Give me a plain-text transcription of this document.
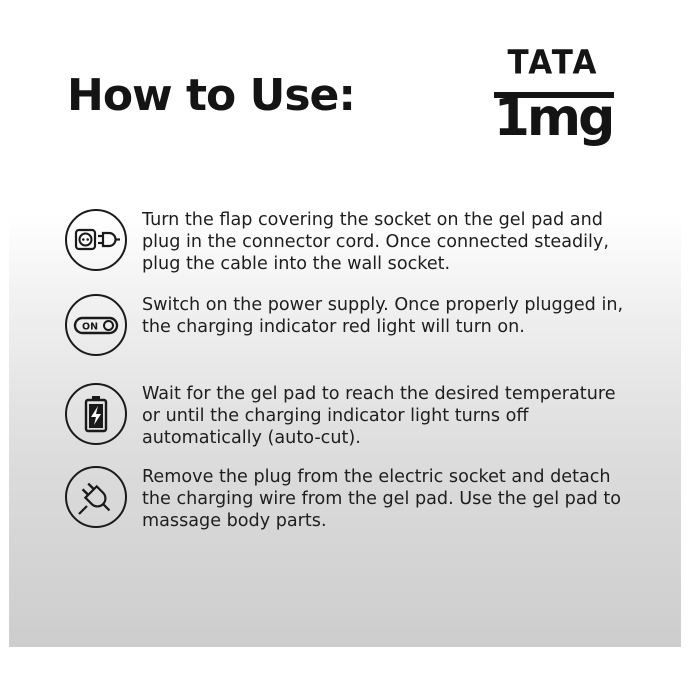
How to Use:
TATA
1mg

Turn the flap covering the socket on the gel pad and plug in the connector cord. Once connected steadily, plug the cable into the wall socket.

ON

Switch on the power supply. Once properly plugged in, the charging indicator red light will turn on.

Wait for the gel pad to reach the desired temperature or until the charging indicator light turns off automatically (auto-cut).

Remove the plug from the electric socket and detach the charging wire from the gel pad. Use the gel pad to massage body parts.
